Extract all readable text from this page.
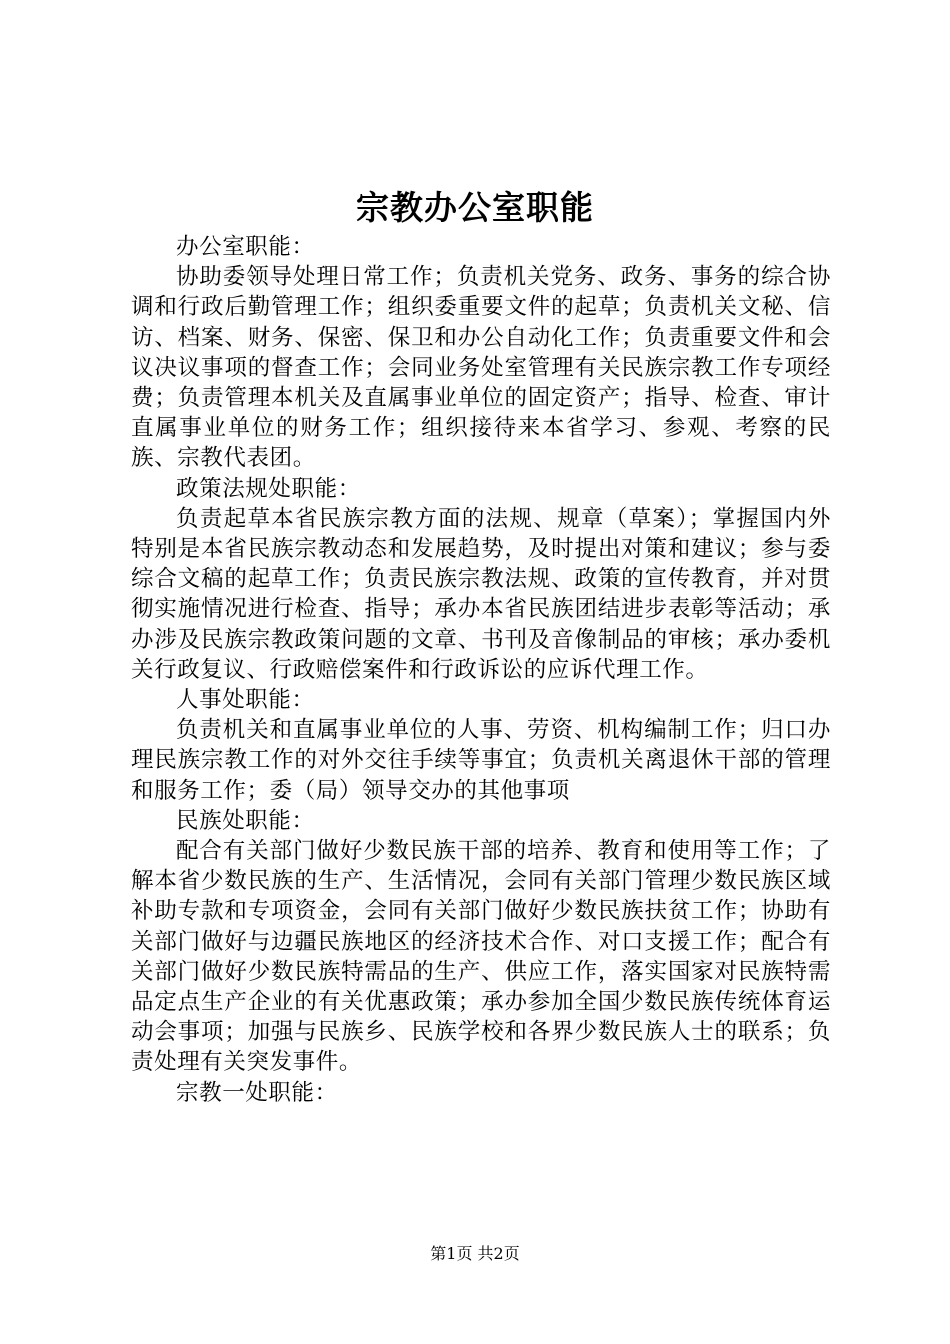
宗教办公室职能

办公室职能：

协助委领导处理日常工作；负责机关党务、政务、事务的综合协调和行政后勤管理工作；组织委重要文件的起草；负责机关文秘、信访、档案、财务、保密、保卫和办公自动化工作；负责重要文件和会议决议事项的督查工作；会同业务处室管理有关民族宗教工作专项经费；负责管理本机关及直属事业单位的固定资产；指导、检查、审计直属事业单位的财务工作；组织接待来本省学习、参观、考察的民族、宗教代表团。

政策法规处职能：

负责起草本省民族宗教方面的法规、规章（草案）；掌握国内外特别是本省民族宗教动态和发展趋势，及时提出对策和建议；参与委综合文稿的起草工作；负责民族宗教法规、政策的宣传教育，并对贯彻实施情况进行检查、指导；承办本省民族团结进步表彰等活动；承办涉及民族宗教政策问题的文章、书刊及音像制品的审核；承办委机关行政复议、行政赔偿案件和行政诉讼的应诉代理工作。

人事处职能：

负责机关和直属事业单位的人事、劳资、机构编制工作；归口办理民族宗教工作的对外交往手续等事宜；负责机关离退休干部的管理和服务工作；委（局）领导交办的其他事项

民族处职能：

配合有关部门做好少数民族干部的培养、教育和使用等工作；了解本省少数民族的生产、生活情况，会同有关部门管理少数民族区域补助专款和专项资金，会同有关部门做好少数民族扶贫工作；协助有关部门做好与边疆民族地区的经济技术合作、对口支援工作；配合有关部门做好少数民族特需品的生产、供应工作，落实国家对民族特需品定点生产企业的有关优惠政策；承办参加全国少数民族传统体育运动会事项；加强与民族乡、民族学校和各界少数民族人士的联系；负责处理有关突发事件。

宗教一处职能：

第1页 共2页
